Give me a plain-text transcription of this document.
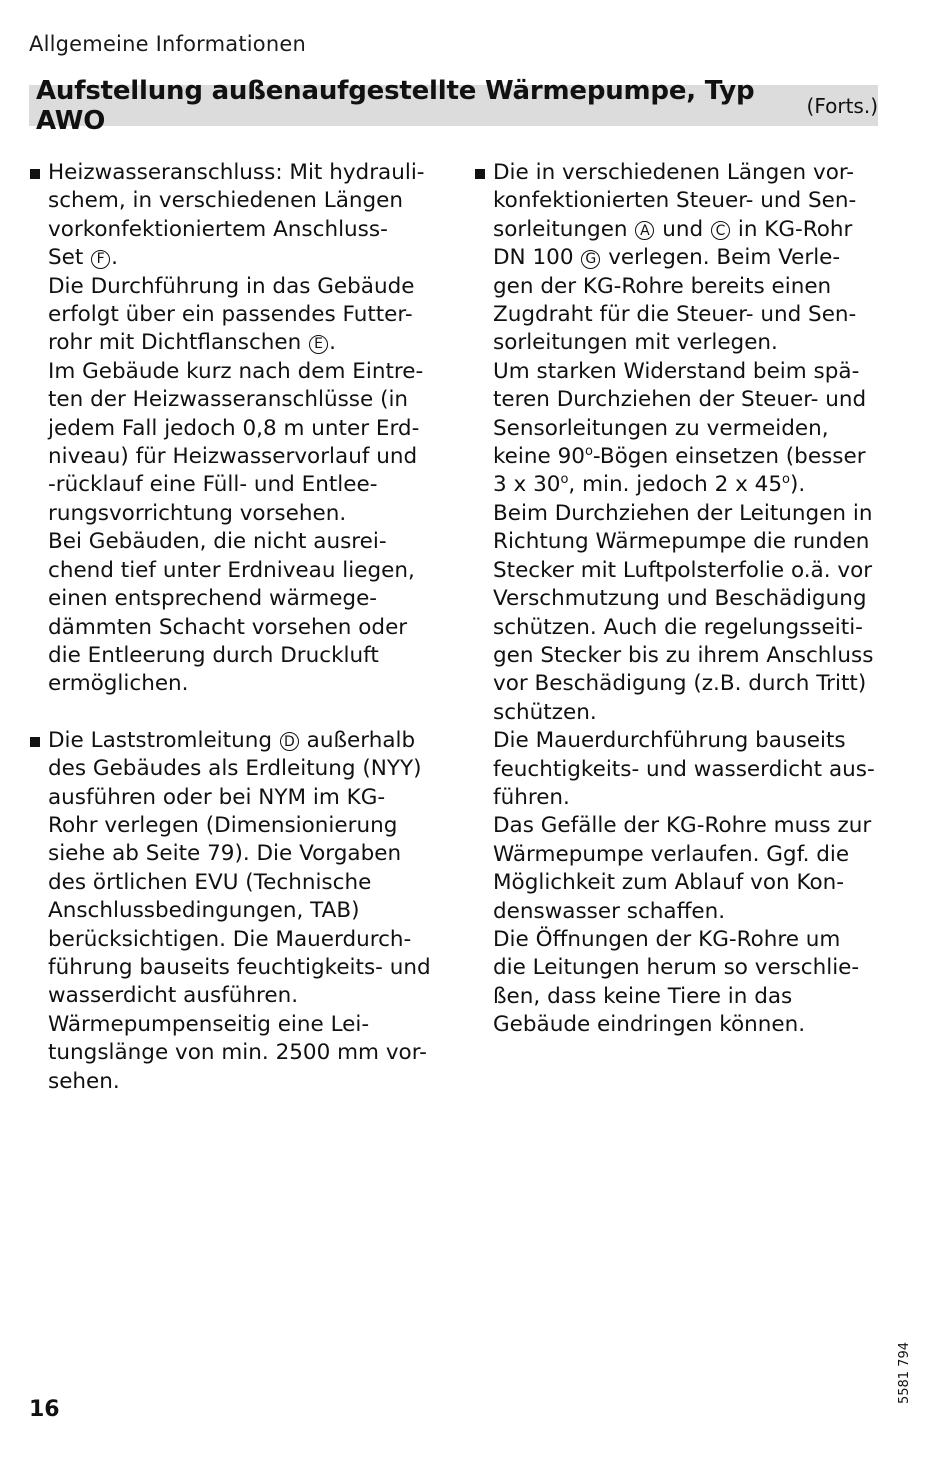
Allgemeine Informationen
Aufstellung außenaufgestellte Wärmepumpe, Typ AWO	(Forts.)
Heizwasseranschluss: Mit hydrauli-
schem, in verschiedenen Längen
vorkonfektioniertem Anschluss-
Set F .
Die Durchführung in das Gebäude
erfolgt über ein passendes Futter-
rohr mit Dichtflanschen E .
Im Gebäude kurz nach dem Eintre-
ten der Heizwasseranschlüsse (in
jedem Fall jedoch 0,8 m unter Erd-
niveau) für Heizwasservorlauf und
-rücklauf eine Füll- und Entlee-
rungsvorrichtung vorsehen.
Bei Gebäuden, die nicht ausrei-
chend tief unter Erdniveau liegen,
einen entsprechend wärmege-
dämmten Schacht vorsehen oder
die Entleerung durch Druckluft
ermöglichen.
Die Laststromleitung D außerhalb
des Gebäudes als Erdleitung (NYY)
ausführen oder bei NYM im KG-
Rohr verlegen (Dimensionierung
siehe ab Seite 79). Die Vorgaben
des örtlichen EVU (Technische
Anschlussbedingungen, TAB)
berücksichtigen. Die Mauerdurch-
führung bauseits feuchtigkeits- und
wasserdicht ausführen.
Wärmepumpenseitig eine Lei-
tungslänge von min. 2500 mm vor-
sehen.
Die in verschiedenen Längen vor-
konfektionierten Steuer- und Sen-
sorleitungen A und C in KG-Rohr
DN 100 G verlegen. Beim Verle-
gen der KG-Rohre bereits einen
Zugdraht für die Steuer- und Sen-
sorleitungen mit verlegen.
Um starken Widerstand beim spä-
teren Durchziehen der Steuer- und
Sensorleitungen zu vermeiden,
keine 90$^o$-Bögen einsetzen (besser
3 x 30$^o$, min. jedoch 2 x 45$^o$).
Beim Durchziehen der Leitungen in
Richtung Wärmepumpe die runden
Stecker mit Luftpolsterfolie o.ä. vor
Verschmutzung und Beschädigung
schützen. Auch die regelungsseiti-
gen Stecker bis zu ihrem Anschluss
vor Beschädigung (z.B. durch Tritt)
schützen.
Die Mauerdurchführung bauseits
feuchtigkeits- und wasserdicht aus-
führen.
Das Gefälle der KG-Rohre muss zur
Wärmepumpe verlaufen. Ggf. die
Möglichkeit zum Ablauf von Kon-
denswasser schaffen.
Die Öffnungen der KG-Rohre um
die Leitungen herum so verschlie-
ßen, dass keine Tiere in das
Gebäude eindringen können.
5581 794
16
